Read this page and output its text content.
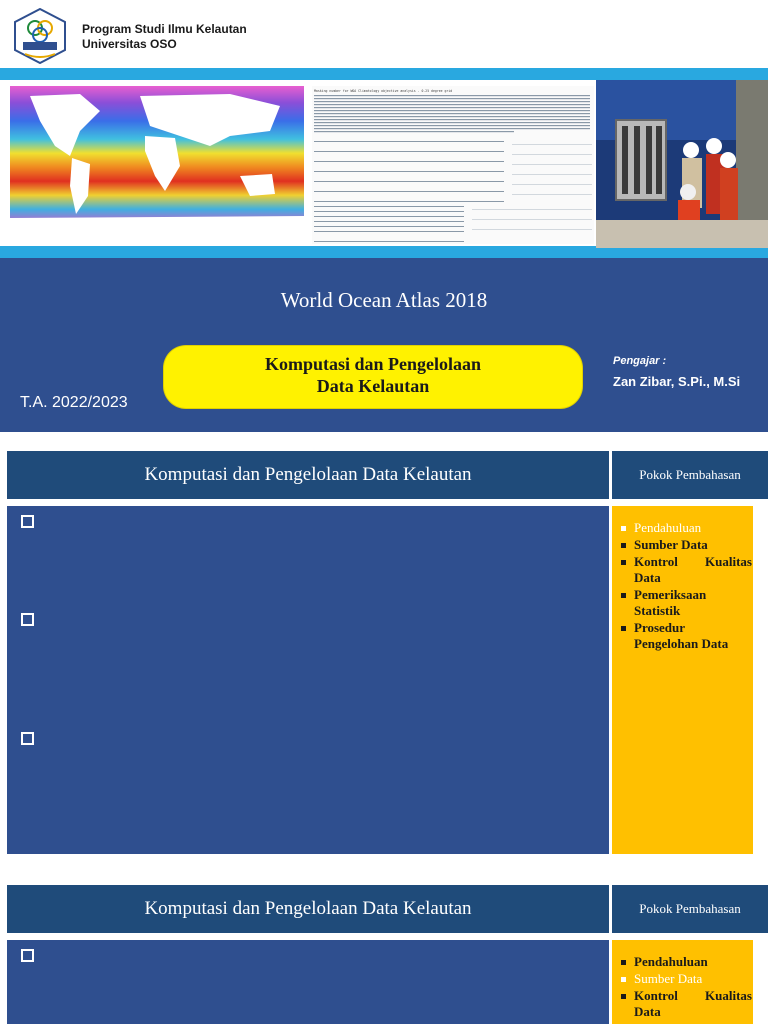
Program Studi Ilmu Kelautan
Universitas OSO
Masking number for WOA Climatology objective analysis - 0.25 degree grid
World Ocean Atlas 2018
Komputasi dan Pengelolaan
Data Kelautan
T.A. 2022/2023
Pengajar :
Zan Zibar, S.Pi., M.Si
Komputasi dan Pengelolaan Data Kelautan	Pokok Pembahasan
Pendahuluan
Sumber Data
Kontrol Kualitas Data
Pemeriksaan Statistik
Prosedur Pengelohan Data
Komputasi dan Pengelolaan Data Kelautan	Pokok Pembahasan
Pendahuluan
Sumber Data
Kontrol Kualitas Data
